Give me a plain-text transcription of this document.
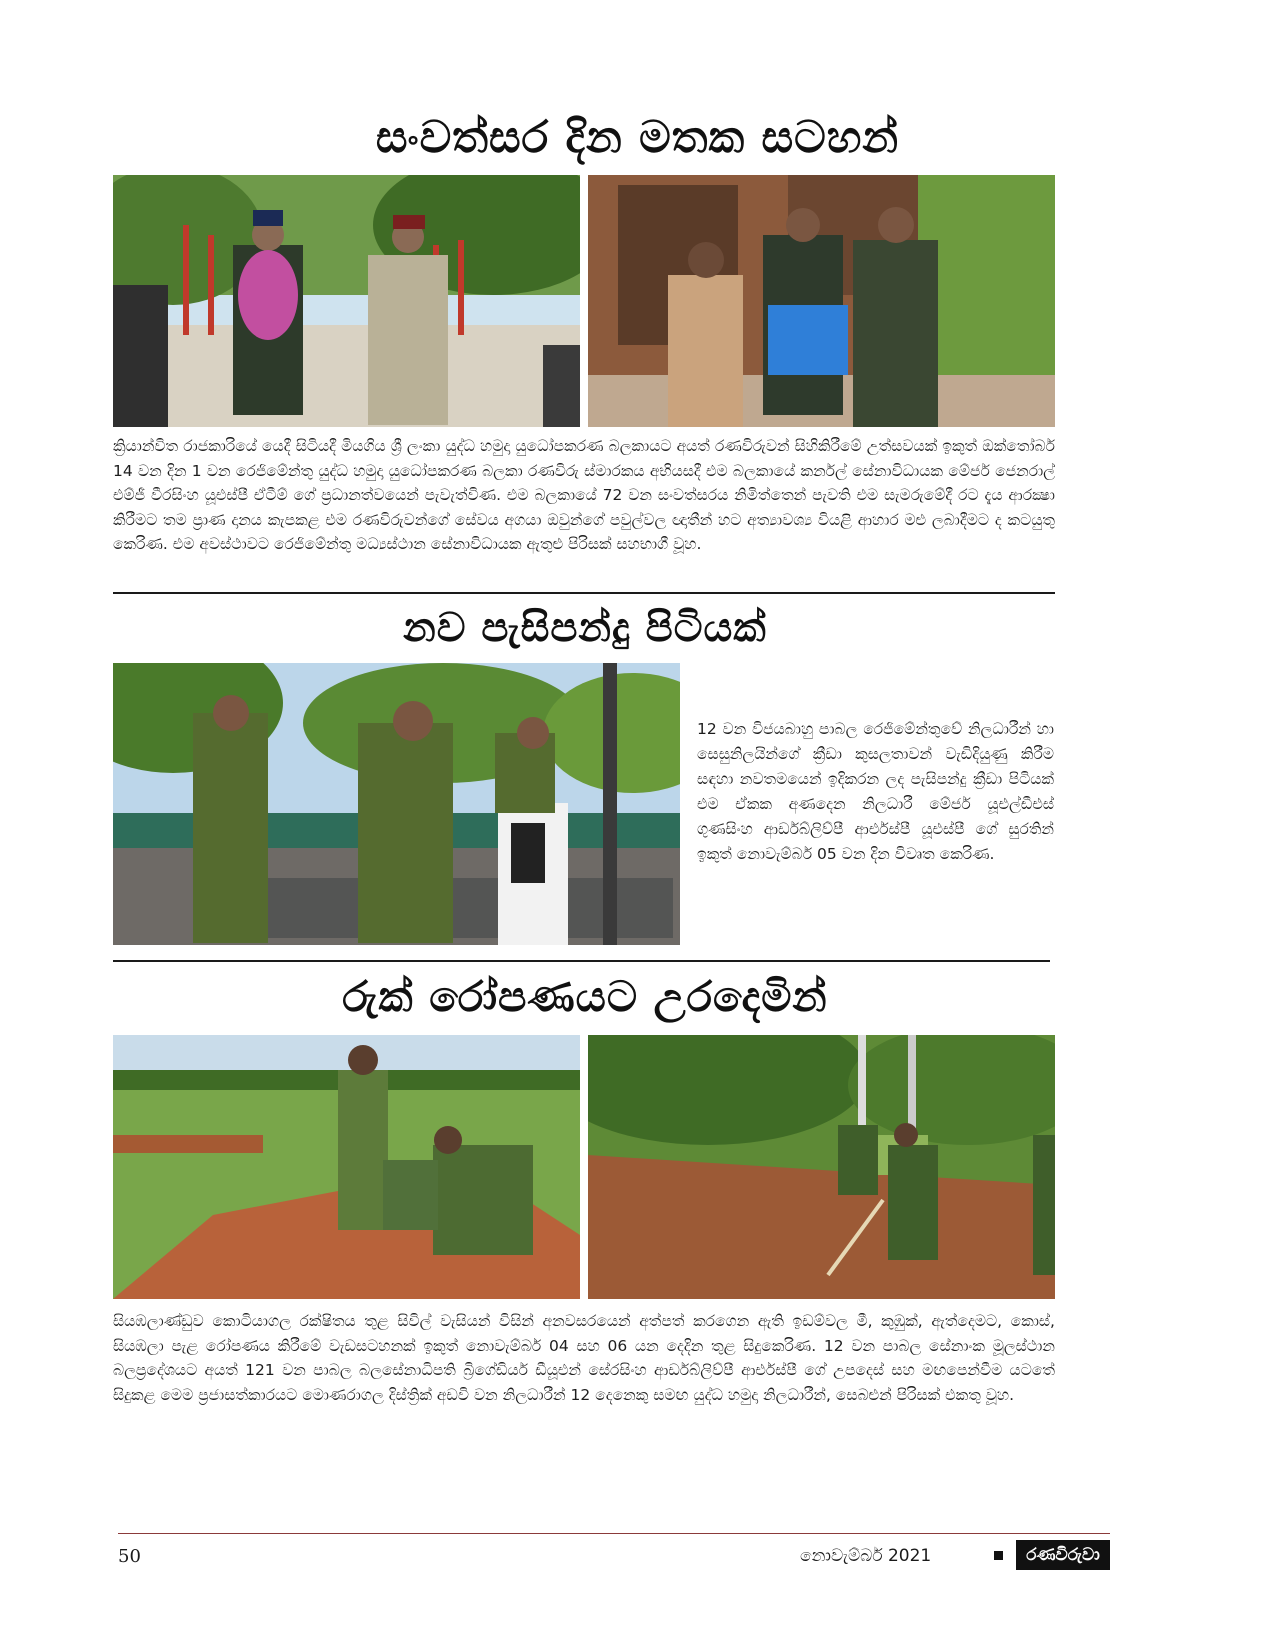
සංවත්සර දින මතක සටහන්
ක්‍රියාන්විත රාජකාරියේ යෙදී සිටියදී මියගිය ශ්‍රී ලංකා යුද්ධ හමුදා යුධෝපකරණ බලකායට අයත් රණවිරුවන් සිහිකිරීමේ උත්සවයක් ඉකුත් ඔක්තෝබර් 14 වන දින 1 වන රෙජිමේන්තු යුද්ධ හමුදා යුධෝපකරණ බලකා රණවිරු ස්මාරකය අභියසදී එම බලකායේ කර්නල් සේනාවිධායක මේජර් ජෙනරාල් එම්ජී වීරසිංහ යූඑස්පී ඒටීම් ගේ ප්‍රධානත්වයෙන් පැවැත්විණ. එම බලකායේ 72 වන සංවත්සරය නිමිත්තෙන් පැවති එම සැමරුමේදී රට දැය ආරක්‍ෂා කිරීමට තම ප්‍රාණ දානය කැපකළ එම රණවිරුවන්ගේ සේවය අගයා ඔවුන්ගේ පවුල්වල ඥාතීන් හට අත්‍යාවශ්‍ය වියළි ආහාර මළු ලබාදීමට ද කටයුතු කෙරිණ. එම අවස්ථාවට රෙජිමේන්තු මධ්‍යස්ථාන සේනාවිධායක ඇතුළු පිරිසක් සහභාගී වූහ.
නව පැසිපන්දු පිටියක්
12 වන විජයබාහු පාබල රෙජිමේන්තුවේ නිලධාරීන් හා සෙසුනිලයින්ගේ ක්‍රීඩා කුසලතාවන් වැඩිදියුණු කිරීම සඳහා නවතමයෙන් ඉදිකරන ලද පැසිපන්දු ක්‍රීඩා පිටියක් එම ඒකක අණදෙන නිලධාරී මේජර් යූඑල්ඩීඑස් ගුණසිංහ ආර්ඩබ්ලිව්පී ආර්එස්පී යූඑස්පී ගේ සුරතින් ඉකුත් නොවැම්බර් 05 වන දින විවෘත කෙරිණ.
රුක් රෝපණයට උරදෙමින්
සියඹලාණ්ඩුව කොටියාගල රක්ෂිතය තුළ සිවිල් වැසියන් විසින් අනවසරයෙන් අත්පත් කරගෙන ඇති ඉඩම්වල මී, කුඹුක්, ඇත්දෙමට, කොස්, සියඹලා පැළ රෝපණය කිරීමේ වැඩසටහනක් ඉකුත් නොවැම්බර් 04 සහ 06 යන දෙදින තුළ සිදුකෙරිණ. 12 වන පාබල සේනාංක මූලස්ථාන බලප්‍රදේශයට අයත් 121 වන පාබල බලසේනාධිපති බ්‍රිගේඩියර් ඩීයූඑන් සේරසිංහ ආර්ඩබ්ලිව්පී ආර්එස්පී ගේ උපදෙස් සහ මඟපෙන්වීම යටතේ සිදුකළ මෙම ප්‍රජාසත්කාරයට මොණරාගල දිස්ත්‍රික් අඩවි වන නිලධාරීන් 12 දෙනෙකු සමඟ යුද්ධ හමුදා නිලධාරීන්, සෙබළුන් පිරිසක් එකතු වූහ.
50	නොවැම්බර් 2021	රණවිරුවා
